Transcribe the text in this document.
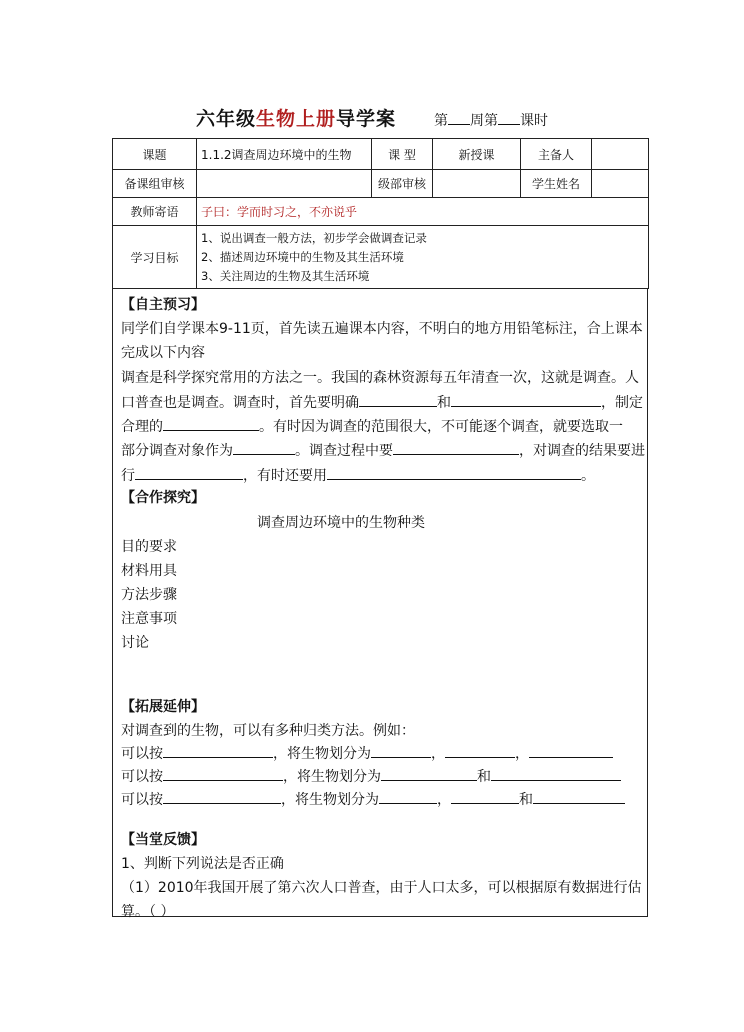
六年级生物上册导学案	第 周第 课时
课题	1.1.2调查周边环境中的生物	课 型	新授课	主备人	
备课组审核		级部审核		学生姓名	
教师寄语	子曰：学而时习之，不亦说乎				
学习目标	1、说出调查一般方法，初步学会做调查记录
2、描述周边环境中的生物及其生活环境
3、关注周边的生物及其生活环境				
【自主预习】
同学们自学课本9-11页，首先读五遍课本内容，不明白的地方用铅笔标注，合上课本
完成以下内容
调查是科学探究常用的方法之一。我国的森林资源每五年清查一次，这就是调查。人
口普查也是调查。调查时，首先要明确	和	，制定
合理的	。有时因为调查的范围很大，不可能逐个调查，就要选取一
部分调查对象作为	。调查过程中要	，对调查的结果要进
行	，有时还要用	。
【合作探究】
调查周边环境中的生物种类
目的要求
材料用具
方法步骤
注意事项
讨论
【拓展延伸】
对调查到的生物，可以有多种归类方法。例如：
可以按	，将生物划分为	，	，
可以按	，将生物划分为	和
可以按	，将生物划分为	，	和
【当堂反馈】
1、判断下列说法是否正确
（1）2010年我国开展了第六次人口普查，由于人口太多，可以根据原有数据进行估
算。（ ）
